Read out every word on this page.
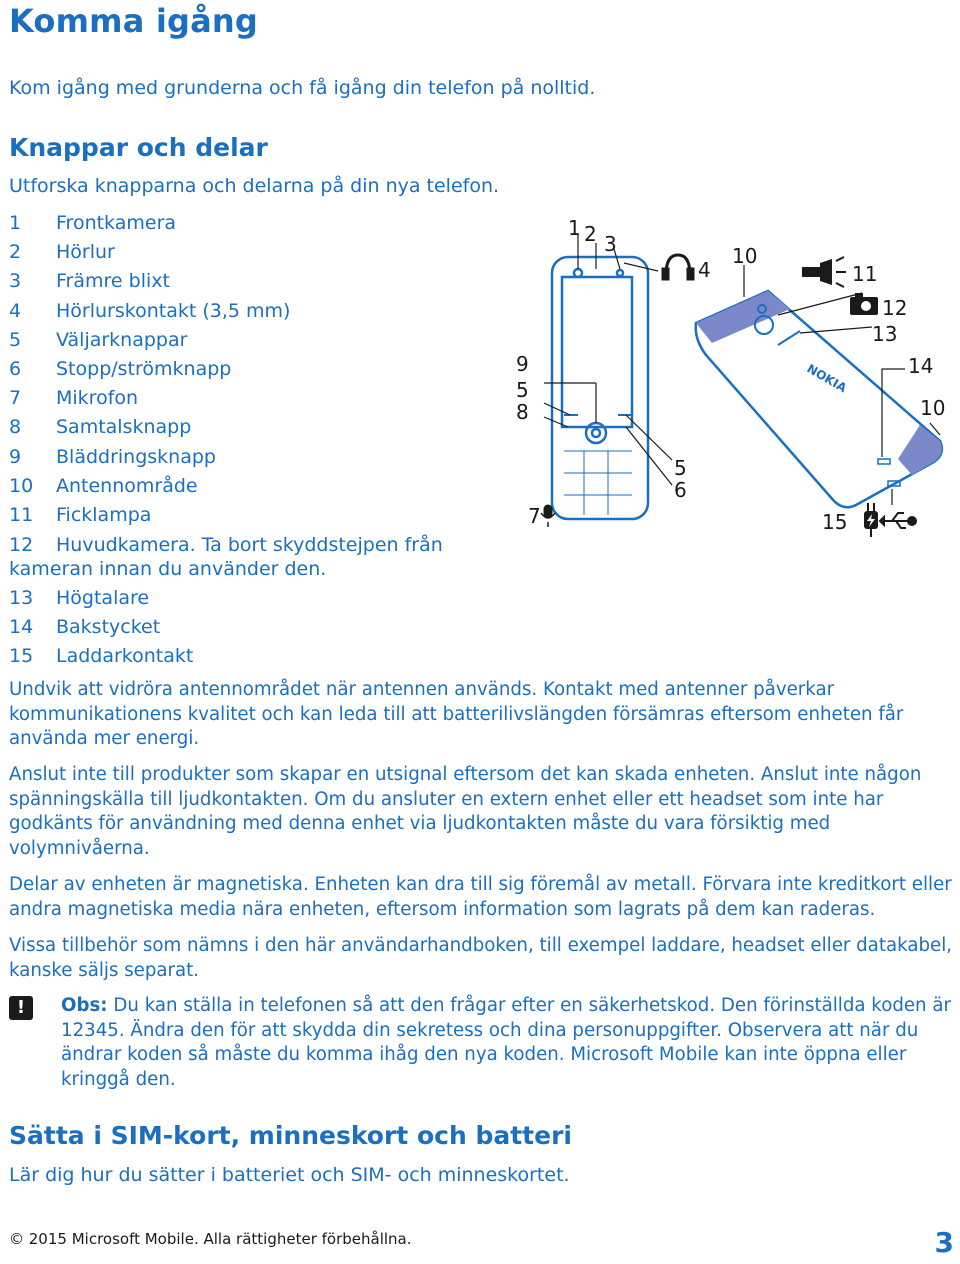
Komma igång

Kom igång med grunderna och få igång din telefon på nolltid.

Knappar och delar

Utforska knapparna och delarna på din nya telefon.

1 Frontkamera
2 Hörlur
3 Främre blixt
4 Hörlurskontakt (3,5 mm)
5 Väljarknappar
6 Stopp/strömknapp
7 Mikrofon
8 Samtalsknapp
9 Bläddringsknapp
10 Antennområde
11 Ficklampa
12 Huvudkamera. Ta bort skyddstejpen från kameran innan du använder den.
13 Högtalare
14 Bakstycket
15 Laddarkontakt
1 2 3
4
9
5
8
5
6
7
NOKIA
10
11
12
13
14
10
15

Undvik att vidröra antennområdet när antennen används. Kontakt med antenner påverkar kommunikationens kvalitet och kan leda till att batterilivslängden försämras eftersom enheten får använda mer energi.

Anslut inte till produkter som skapar en utsignal eftersom det kan skada enheten. Anslut inte någon spänningskälla till ljudkontakten. Om du ansluter en extern enhet eller ett headset som inte har godkänts för användning med denna enhet via ljudkontakten måste du vara försiktig med volymnivåerna.

Delar av enheten är magnetiska. Enheten kan dra till sig föremål av metall. Förvara inte kreditkort eller andra magnetiska media nära enheten, eftersom information som lagrats på dem kan raderas.

Vissa tillbehör som nämns i den här användarhandboken, till exempel laddare, headset eller datakabel, kanske säljs separat.

!	Obs: Du kan ställa in telefonen så att den frågar efter en säkerhetskod. Den förinställda koden är 12345. Ändra den för att skydda din sekretess och dina personuppgifter. Observera att när du ändrar koden så måste du komma ihåg den nya koden. Microsoft Mobile kan inte öppna eller kringgå den.

Sätta i SIM-kort, minneskort och batteri

Lär dig hur du sätter i batteriet och SIM- och minneskortet.

© 2015 Microsoft Mobile. Alla rättigheter förbehållna.	3
